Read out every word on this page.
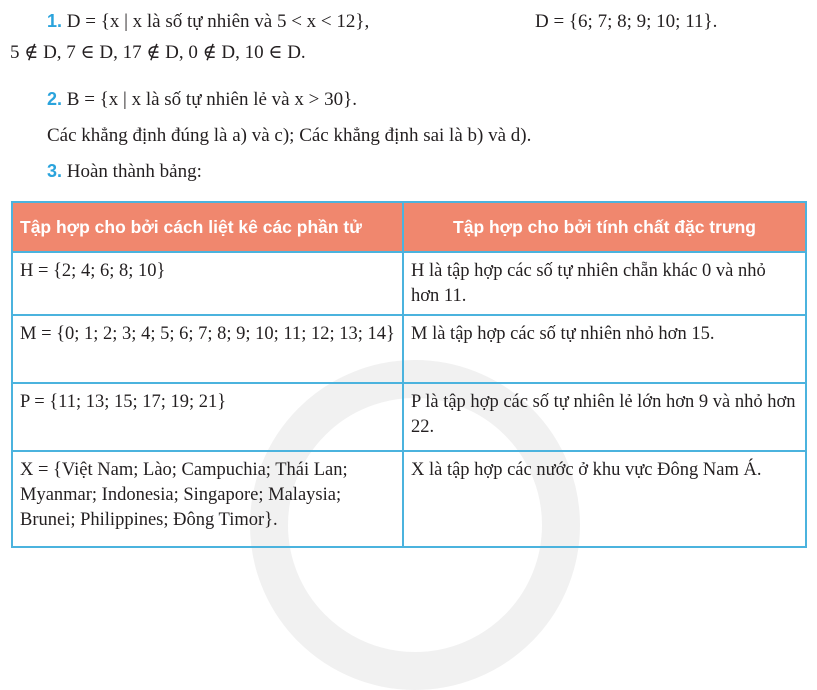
1. D = {x | x là số tự nhiên và 5 < x < 12},	D = {6; 7; 8; 9; 10; 11}.
5 ∉ D, 7 ∈ D, 17 ∉ D, 0 ∉ D, 10 ∈ D.
2. B = {x | x là số tự nhiên lẻ và x > 30}.
Các khẳng định đúng là a) và c); Các khẳng định sai là b) và d).
3. Hoàn thành bảng:
Tập hợp cho bởi cách liệt kê các phần tử	Tập hợp cho bởi tính chất đặc trưng
H = {2; 4; 6; 8; 10}	H là tập hợp các số tự nhiên chẵn khác 0 và nhỏ hơn 11.
M = {0; 1; 2; 3; 4; 5; 6; 7; 8; 9; 10; 11; 12; 13; 14}	M là tập hợp các số tự nhiên nhỏ hơn 15.
P = {11; 13; 15; 17; 19; 21}	P là tập hợp các số tự nhiên lẻ lớn hơn 9 và nhỏ hơn 22.
X = {Việt Nam; Lào; Campuchia; Thái Lan; Myanmar; Indonesia; Singapore; Malaysia; Brunei; Philippines; Đông Timor}.	X là tập hợp các nước ở khu vực Đông Nam Á.
